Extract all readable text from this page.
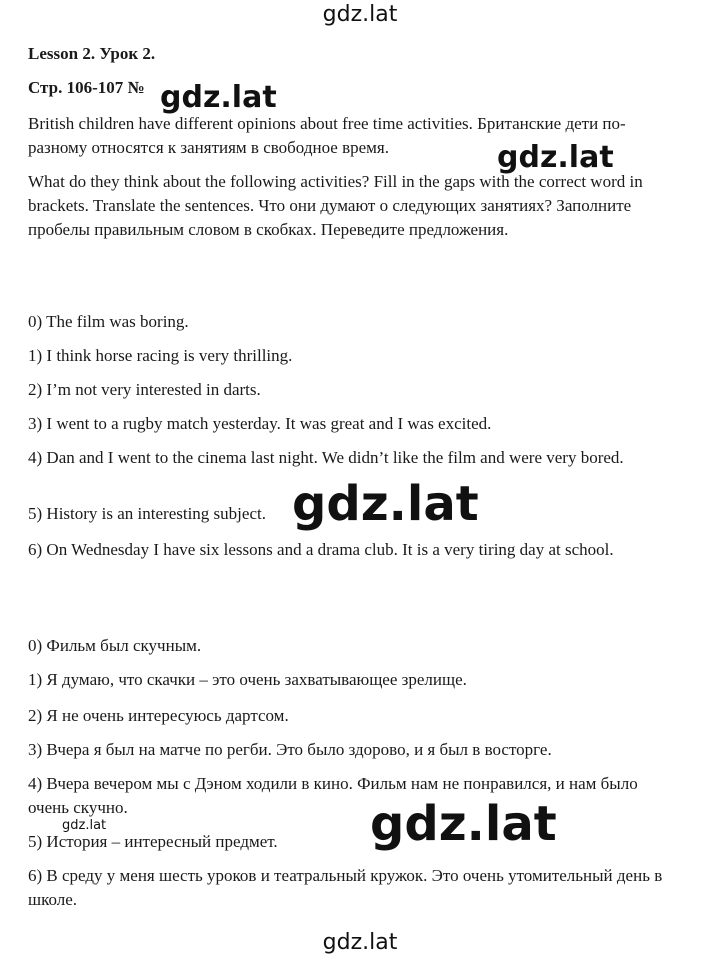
gdz.lat
Lesson 2. Урок 2.
Стр. 106-107 №

British children have different opinions about free time activities. Британские дети по-разному относятся к занятиям в свободное время.

What do they think about the following activities? Fill in the gaps with the correct word in brackets. Translate the sentences. Что они думают о следующих занятиях? Заполните пробелы правильным словом в скобках. Переведите предложения.

0) The film was boring.

1) I think horse racing is very thrilling.

2) I’m not very interested in darts.

3) I went to a rugby match yesterday. It was great and I was excited.

4) Dan and I went to the cinema last night. We didn’t like the film and were very bored.

5) History is an interesting subject.

6) On Wednesday I have six lessons and a drama club. It is a very tiring day at school.

0) Фильм был скучным.

1) Я думаю, что скачки – это очень захватывающее зрелище.

2) Я не очень интересуюсь дартсом.

3) Вчера я был на матче по регби. Это было здорово, и я был в восторге.

4) Вчера вечером мы с Дэном ходили в кино. Фильм нам не понравился, и нам было очень скучно.

5) История – интересный предмет.

6) В среду у меня шесть уроков и театральный кружок. Это очень утомительный день в школе.

gdz.lat
gdz.lat
gdz.lat
gdz.lat
gdz.lat
gdz.lat
